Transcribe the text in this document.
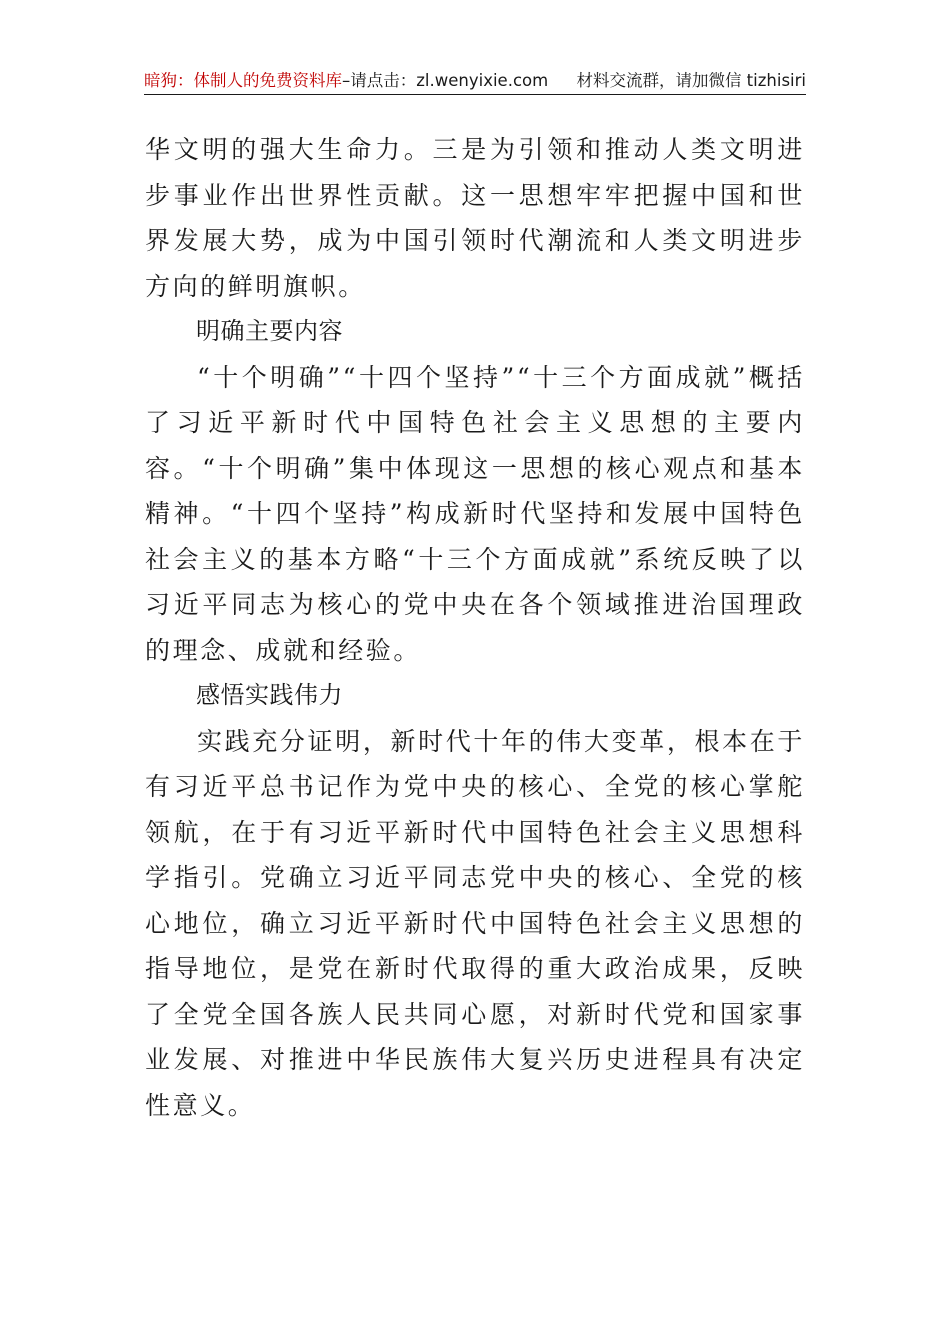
暗狗：体制人的免费资料库–请点击：zl.wenyixie.com 材料交流群，请加微信 tizhisiri

华文明的强大生命力。三是为引领和推动人类文明进步事业作出世界性贡献。这一思想牢牢把握中国和世界发展大势，成为中国引领时代潮流和人类文明进步方向的鲜明旗帜。

明确主要内容

“十个明确”“十四个坚持”“十三个方面成就”概括了习近平新时代中国特色社会主义思想的主要内容。“十个明确”集中体现这一思想的核心观点和基本精神。“十四个坚持”构成新时代坚持和发展中国特色社会主义的基本方略“十三个方面成就”系统反映了以习近平同志为核心的党中央在各个领域推进治国理政的理念、成就和经验。

感悟实践伟力

实践充分证明，新时代十年的伟大变革，根本在于有习近平总书记作为党中央的核心、全党的核心掌舵领航，在于有习近平新时代中国特色社会主义思想科学指引。党确立习近平同志党中央的核心、全党的核心地位，确立习近平新时代中国特色社会主义思想的指导地位，是党在新时代取得的重大政治成果，反映了全党全国各族人民共同心愿，对新时代党和国家事业发展、对推进中华民族伟大复兴历史进程具有决定性意义。
